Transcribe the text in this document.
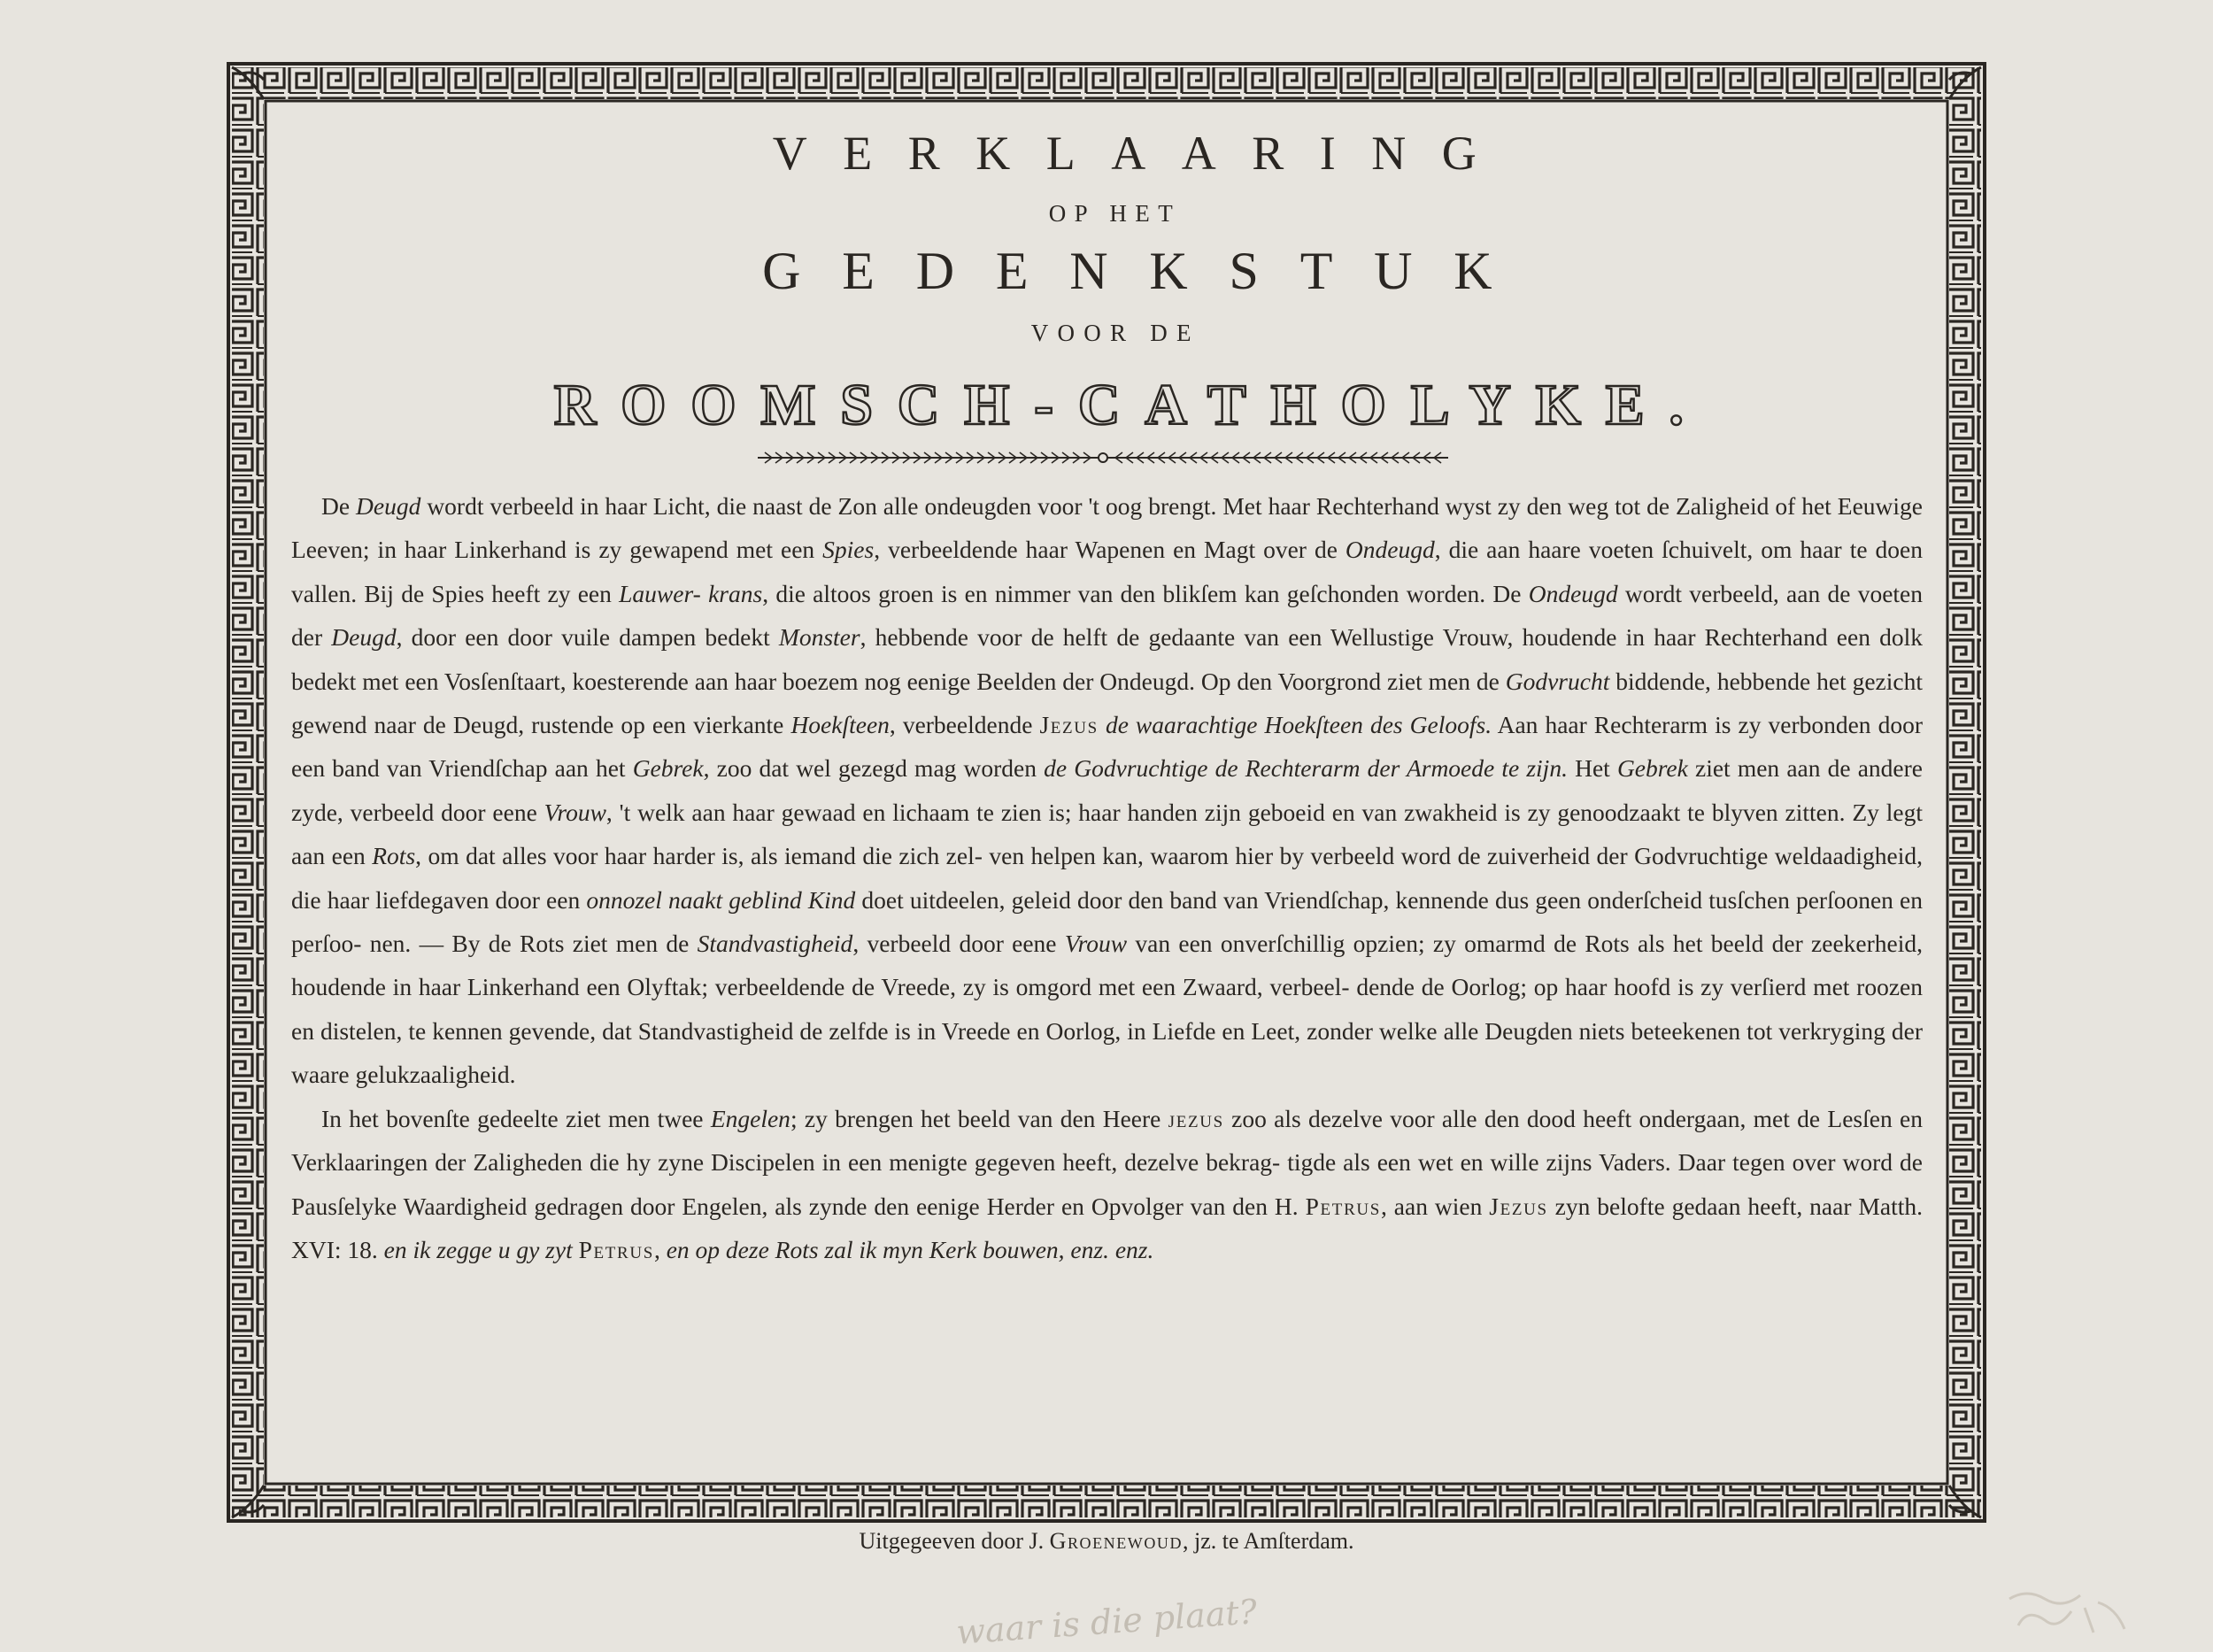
VERKLAARING
OP HET
GEDENKSTUK
VOOR DE
ROOMSCH-CATHOLYKE.

De Deugd wordt verbeeld in haar Licht, die naast de Zon alle ondeugden voor 't oog brengt. Met haar Rechterhand wyst zy den weg tot de Zaligheid of het Eeuwige Leeven; in haar Linkerhand is zy gewapend met een Spies, verbeeldende haar Wapenen en Magt over de Ondeugd, die aan haare voeten ſchuivelt, om haar te doen vallen. Bij de Spies heeft zy een Lauwer- krans, die altoos groen is en nimmer van den blikſem kan geſchonden worden. De Ondeugd wordt verbeeld, aan de voeten der Deugd, door een door vuile dampen bedekt Monster, hebbende voor de helft de gedaante van een Wellustige Vrouw, houdende in haar Rechterhand een dolk bedekt met een Vosſenſtaart, koesterende aan haar boezem nog eenige Beelden der Ondeugd. Op den Voorgrond ziet men de Godvrucht biddende, hebbende het gezicht gewend naar de Deugd, rustende op een vierkante Hoekſteen, verbeeldende Jezus de waarachtige Hoekſteen des Geloofs. Aan haar Rechterarm is zy verbonden door een band van Vriendſchap aan het Gebrek, zoo dat wel gezegd mag worden de Godvruchtige de Rechterarm der Armoede te zijn. Het Gebrek ziet men aan de andere zyde, verbeeld door eene Vrouw, 't welk aan haar gewaad en lichaam te zien is; haar handen zijn geboeid en van zwakheid is zy genoodzaakt te blyven zitten. Zy legt aan een Rots, om dat alles voor haar harder is, als iemand die zich zel- ven helpen kan, waarom hier by verbeeld word de zuiverheid der Godvruchtige weldaadigheid, die haar liefdegaven door een onnozel naakt geblind Kind doet uitdeelen, geleid door den band van Vriendſchap, kennende dus geen onderſcheid tusſchen perſoonen en perſoo- nen. — By de Rots ziet men de Standvastigheid, verbeeld door eene Vrouw van een onverſchillig opzien; zy omarmd de Rots als het beeld der zeekerheid, houdende in haar Linkerhand een Olyftak; verbeeldende de Vreede, zy is omgord met een Zwaard, verbeel- dende de Oorlog; op haar hoofd is zy verſierd met roozen en distelen, te kennen gevende, dat Standvastigheid de zelfde is in Vreede en Oorlog, in Liefde en Leet, zonder welke alle Deugden niets beteekenen tot verkryging der waare gelukzaaligheid.

In het bovenſte gedeelte ziet men twee Engelen; zy brengen het beeld van den Heere jezus zoo als dezelve voor alle den dood heeft ondergaan, met de Lesſen en Verklaaringen der Zaligheden die hy zyne Discipelen in een menigte gegeven heeft, dezelve bekrag- tigde als een wet en wille zijns Vaders. Daar tegen over word de Pausſelyke Waardigheid gedragen door Engelen, als zynde den eenige Herder en Opvolger van den H. Petrus, aan wien Jezus zyn belofte gedaan heeft, naar Matth. XVI: 18. en ik zegge u gy zyt Petrus, en op deze Rots zal ik myn Kerk bouwen, enz. enz.

Uitgegeeven door J. Groenewoud, jz. te Amſterdam.
waar is die plaat?
